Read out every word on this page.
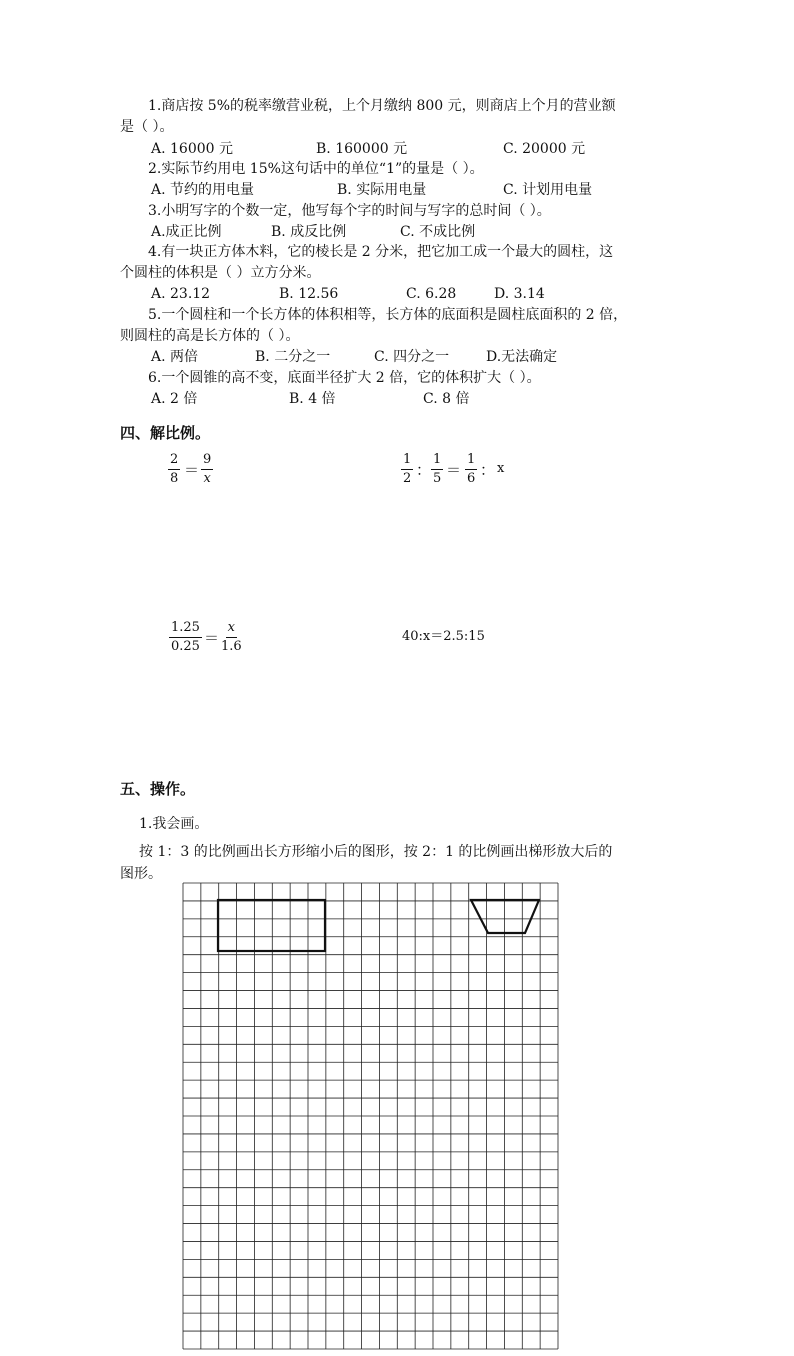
1.商店按 5%的税率缴营业税，上个月缴纳 800 元，则商店上个月的营业额
是（ ）。
A. 16000 元	B. 160000 元	C. 20000 元
2.实际节约用电 15%这句话中的单位“1”的量是（ ）。
A. 节约的用电量	B. 实际用电量	C. 计划用电量
3.小明写字的个数一定，他写每个字的时间与写字的总时间（ ）。
A.成正比例	B. 成反比例	C. 不成比例
4.有一块正方体木料，它的棱长是 2 分米，把它加工成一个最大的圆柱，这
个圆柱的体积是（ ）立方分米。
A. 23.12	B. 12.56	C. 6.28	D. 3.14
5.一个圆柱和一个长方体的体积相等，长方体的底面积是圆柱底面积的 2 倍，
则圆柱的高是长方体的（ ）。
A. 两倍	B. 二分之一	C. 四分之一	D.无法确定
6.一个圆锥的高不变，底面半径扩大 2 倍，它的体积扩大（ ）。
A. 2 倍	B. 4 倍	C. 8 倍
四、解比例。
$\frac{2}{8} = \frac{9}{x}$	$\frac{1}{2}$ ： $\frac{1}{5} = \frac{1}{6}$ ： x
$\frac{1.25}{0.25} = \frac{x}{1.6}$	40:x＝2.5:15
五、操作。
1.我会画。
按 1：3 的比例画出长方形缩小后的图形，按 2：1 的比例画出梯形放大后的
图形。
